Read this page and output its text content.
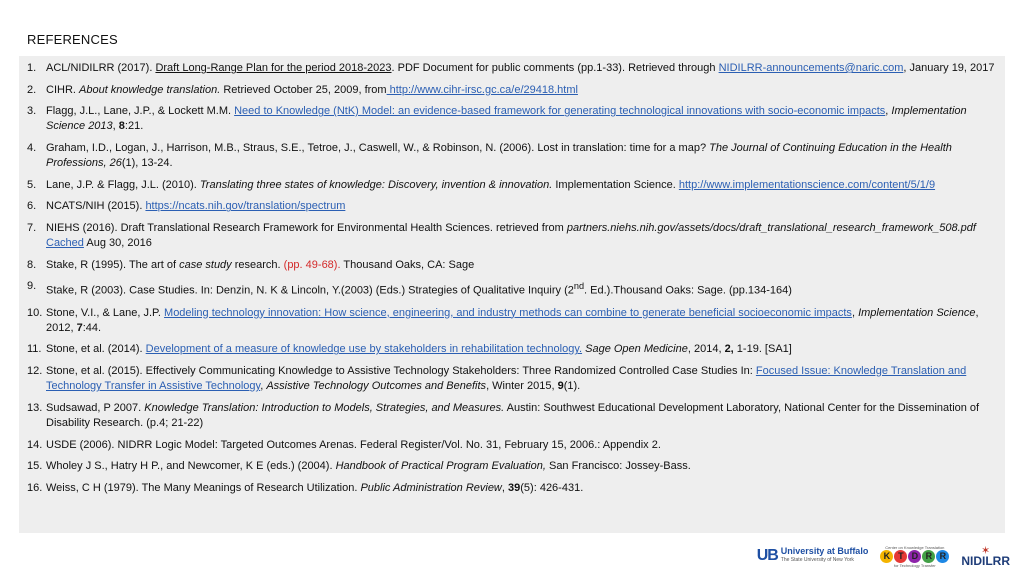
REFERENCES
1. ACL/NIDILRR (2017). Draft Long-Range Plan for the period 2018-2023. PDF Document for public comments (pp.1-33). Retrieved through NIDILRR-announcements@naric.com, January 19, 2017
2. CIHR. About knowledge translation. Retrieved October 25, 2009, from http://www.cihr-irsc.gc.ca/e/29418.html
3. Flagg, J.L., Lane, J.P., & Lockett M.M. Need to Knowledge (NtK) Model: an evidence-based framework for generating technological innovations with socio-economic impacts, Implementation Science 2013, 8:21.
4. Graham, I.D., Logan, J., Harrison, M.B., Straus, S.E., Tetroe, J., Caswell, W., & Robinson, N. (2006). Lost in translation: time for a map? The Journal of Continuing Education in the Health Professions, 26(1), 13-24.
5. Lane, J.P. & Flagg, J.L. (2010). Translating three states of knowledge: Discovery, invention & innovation. Implementation Science. http://www.implementationscience.com/content/5/1/9
6. NCATS/NIH (2015). https://ncats.nih.gov/translation/spectrum
7. NIEHS (2016). Draft Translational Research Framework for Environmental Health Sciences. retrieved from partners.niehs.nih.gov/assets/docs/draft_translational_research_framework_508.pdf Cached Aug 30, 2016
8. Stake, R (1995). The art of case study research. (pp. 49-68). Thousand Oaks, CA: Sage
9. Stake, R (2003). Case Studies. In: Denzin, N. K & Lincoln, Y.(2003) (Eds.) Strategies of Qualitative Inquiry (2nd. Ed.).Thousand Oaks: Sage. (pp.134-164)
10. Stone, V.I., & Lane, J.P. Modeling technology innovation: How science, engineering, and industry methods can combine to generate beneficial socioeconomic impacts, Implementation Science, 2012, 7:44.
11. Stone, et al. (2014). Development of a measure of knowledge use by stakeholders in rehabilitation technology. Sage Open Medicine, 2014, 2, 1-19. [SA1]
12. Stone, et al. (2015). Effectively Communicating Knowledge to Assistive Technology Stakeholders: Three Randomized Controlled Case Studies In: Focused Issue: Knowledge Translation and Technology Transfer in Assistive Technology, Assistive Technology Outcomes and Benefits, Winter 2015, 9(1).
13. Sudsawad, P 2007. Knowledge Translation: Introduction to Models, Strategies, and Measures. Austin: Southwest Educational Development Laboratory, National Center for the Dissemination of Disability Research. (p.4; 21-22)
14. USDE (2006). NIDRR Logic Model: Targeted Outcomes Arenas. Federal Register/Vol. No. 31, February 15, 2006.: Appendix 2.
15. Wholey J S., Hatry H P., and Newcomer, K E (eds.) (2004). Handbook of Practical Program Evaluation, San Francisco: Jossey-Bass.
16. Weiss, C H (1979). The Many Meanings of Research Utilization. Public Administration Review, 39(5): 426-431.
UB University at Buffalo
The State University of New York
Center on Knowledge Translation
K T D R R
for Technology Transfer
✶
NIDILRR
